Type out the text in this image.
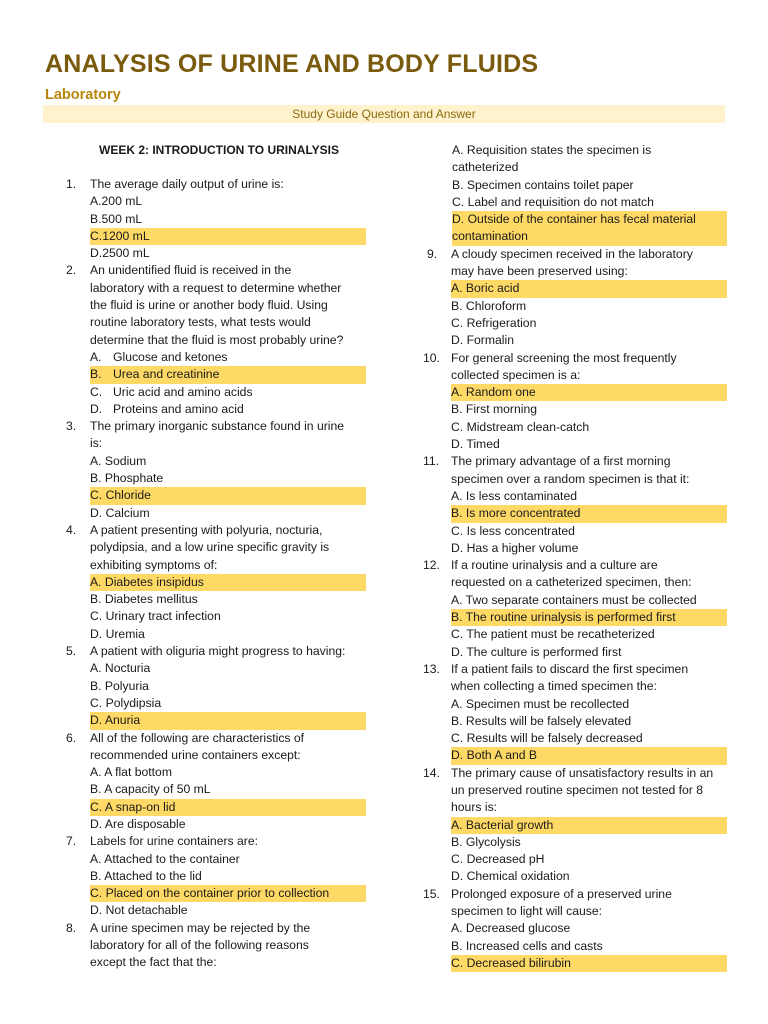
ANALYSIS OF URINE AND BODY FLUIDS
Laboratory
Study Guide Question and Answer
WEEK 2: INTRODUCTION TO URINALYSIS
1.	The average daily output of urine is:
A.200 mL
B.500 mL
C.1200 mL
D.2500 mL
2.	An unidentified fluid is received in the
laboratory with a request to determine whether
the fluid is urine or another body fluid. Using
routine laboratory tests, what tests would
determine that the fluid is most probably urine?
A. Glucose and ketones
B. Urea and creatinine
C. Uric acid and amino acids
D. Proteins and amino acid
3.	The primary inorganic substance found in urine
is:
A. Sodium
B. Phosphate
C. Chloride
D. Calcium
4.	A patient presenting with polyuria, nocturia,
polydipsia, and a low urine specific gravity is
exhibiting symptoms of:
A. Diabetes insipidus
B. Diabetes mellitus
C. Urinary tract infection
D. Uremia
5.	A patient with oliguria might progress to having:
A. Nocturia
B. Polyuria
C. Polydipsia
D. Anuria
6.	All of the following are characteristics of
recommended urine containers except:
A. A flat bottom
B. A capacity of 50 mL
C. A snap-on lid
D. Are disposable
7.	Labels for urine containers are:
A. Attached to the container
B. Attached to the lid
C. Placed on the container prior to collection
D. Not detachable
8.	A urine specimen may be rejected by the
laboratory for all of the following reasons
except the fact that the:
A. Requisition states the specimen is
catheterized
B. Specimen contains toilet paper
C. Label and requisition do not match
D. Outside of the container has fecal material
contamination
9.	A cloudy specimen received in the laboratory
may have been preserved using:
A. Boric acid
B. Chloroform
C. Refrigeration
D. Formalin
10. For general screening the most frequently
collected specimen is a:
A. Random one
B. First morning
C. Midstream clean-catch
D. Timed
11. The primary advantage of a first morning
specimen over a random specimen is that it:
A. Is less contaminated
B. Is more concentrated
C. Is less concentrated
D. Has a higher volume
12. If a routine urinalysis and a culture are
requested on a catheterized specimen, then:
A. Two separate containers must be collected
B. The routine urinalysis is performed first
C. The patient must be recatheterized
D. The culture is performed first
13. If a patient fails to discard the first specimen
when collecting a timed specimen the:
A. Specimen must be recollected
B. Results will be falsely elevated
C. Results will be falsely decreased
D. Both A and B
14. The primary cause of unsatisfactory results in an
un preserved routine specimen not tested for 8
hours is:
A. Bacterial growth
B. Glycolysis
C. Decreased pH
D. Chemical oxidation
15. Prolonged exposure of a preserved urine
specimen to light will cause:
A. Decreased glucose
B. Increased cells and casts
C. Decreased bilirubin
